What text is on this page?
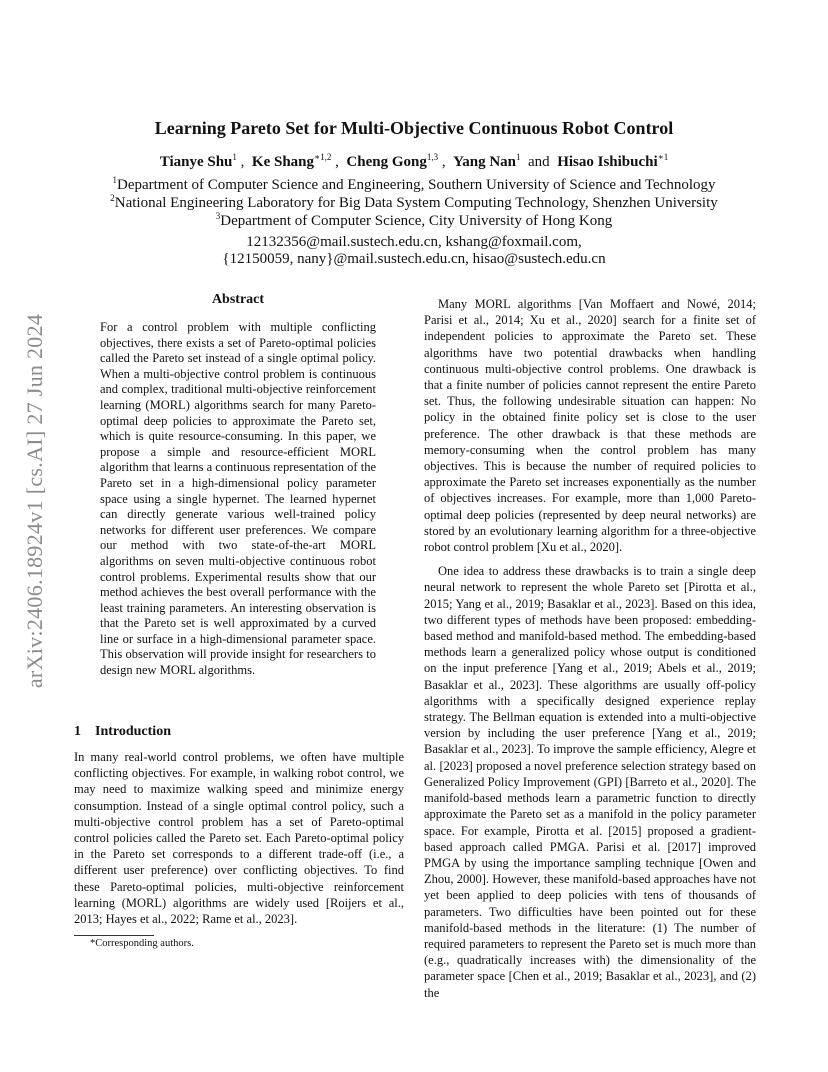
arXiv:2406.18924v1 [cs.AI] 27 Jun 2024
Learning Pareto Set for Multi-Objective Continuous Robot Control
Tianye Shu$^1$ , Ke Shang$^{∗1,2}$ , Cheng Gong$^{1,3}$ , Yang Nan$^1$ and Hisao Ishibuchi$^{∗1}$
$^1$Department of Computer Science and Engineering, Southern University of Science and Technology
$^2$National Engineering Laboratory for Big Data System Computing Technology, Shenzhen University
$^3$Department of Computer Science, City University of Hong Kong
12132356@mail.sustech.edu.cn, kshang@foxmail.com,
{12150059, nany}@mail.sustech.edu.cn, hisao@sustech.edu.cn
Abstract

For a control problem with multiple conflicting objectives, there exists a set of Pareto-optimal policies called the Pareto set instead of a single optimal policy. When a multi-objective control problem is continuous and complex, traditional multi-objective reinforcement learning (MORL) algorithms search for many Pareto-optimal deep policies to approximate the Pareto set, which is quite resource-consuming. In this paper, we propose a simple and resource-efficient MORL algorithm that learns a continuous representation of the Pareto set in a high-dimensional policy parameter space using a single hypernet. The learned hypernet can directly generate various well-trained policy networks for different user preferences. We compare our method with two state-of-the-art MORL algorithms on seven multi-objective continuous robot control problems. Experimental results show that our method achieves the best overall performance with the least training parameters. An interesting observation is that the Pareto set is well approximated by a curved line or surface in a high-dimensional parameter space. This observation will provide insight for researchers to design new MORL algorithms.

1 Introduction

In many real-world control problems, we often have multiple conflicting objectives. For example, in walking robot control, we may need to maximize walking speed and minimize energy consumption. Instead of a single optimal control policy, such a multi-objective control problem has a set of Pareto-optimal control policies called the Pareto set. Each Pareto-optimal policy in the Pareto set corresponds to a different trade-off (i.e., a different user preference) over conflicting objectives. To find these Pareto-optimal policies, multi-objective reinforcement learning (MORL) algorithms are widely used [Roijers et al., 2013; Hayes et al., 2022; Rame et al., 2023].

*Corresponding authors.

Many MORL algorithms [Van Moffaert and Nowé, 2014; Parisi et al., 2014; Xu et al., 2020] search for a finite set of independent policies to approximate the Pareto set. These algorithms have two potential drawbacks when handling continuous multi-objective control problems. One drawback is that a finite number of policies cannot represent the entire Pareto set. Thus, the following undesirable situation can happen: No policy in the obtained finite policy set is close to the user preference. The other drawback is that these methods are memory-consuming when the control problem has many objectives. This is because the number of required policies to approximate the Pareto set increases exponentially as the number of objectives increases. For example, more than 1,000 Pareto-optimal deep policies (represented by deep neural networks) are stored by an evolutionary learning algorithm for a three-objective robot control problem [Xu et al., 2020].

One idea to address these drawbacks is to train a single deep neural network to represent the whole Pareto set [Pirotta et al., 2015; Yang et al., 2019; Basaklar et al., 2023]. Based on this idea, two different types of methods have been proposed: embedding-based method and manifold-based method. The embedding-based methods learn a generalized policy whose output is conditioned on the input preference [Yang et al., 2019; Abels et al., 2019; Basaklar et al., 2023]. These algorithms are usually off-policy algorithms with a specifically designed experience replay strategy. The Bellman equation is extended into a multi-objective version by including the user preference [Yang et al., 2019; Basaklar et al., 2023]. To improve the sample efficiency, Alegre et al. [2023] proposed a novel preference selection strategy based on Generalized Policy Improvement (GPI) [Barreto et al., 2020]. The manifold-based methods learn a parametric function to directly approximate the Pareto set as a manifold in the policy parameter space. For example, Pirotta et al. [2015] proposed a gradient-based approach called PMGA. Parisi et al. [2017] improved PMGA by using the importance sampling technique [Owen and Zhou, 2000]. However, these manifold-based approaches have not yet been applied to deep policies with tens of thousands of parameters. Two difficulties have been pointed out for these manifold-based methods in the literature: (1) The number of required parameters to represent the Pareto set is much more than (e.g., quadratically increases with) the dimensionality of the parameter space [Chen et al., 2019; Basaklar et al., 2023], and (2) the
